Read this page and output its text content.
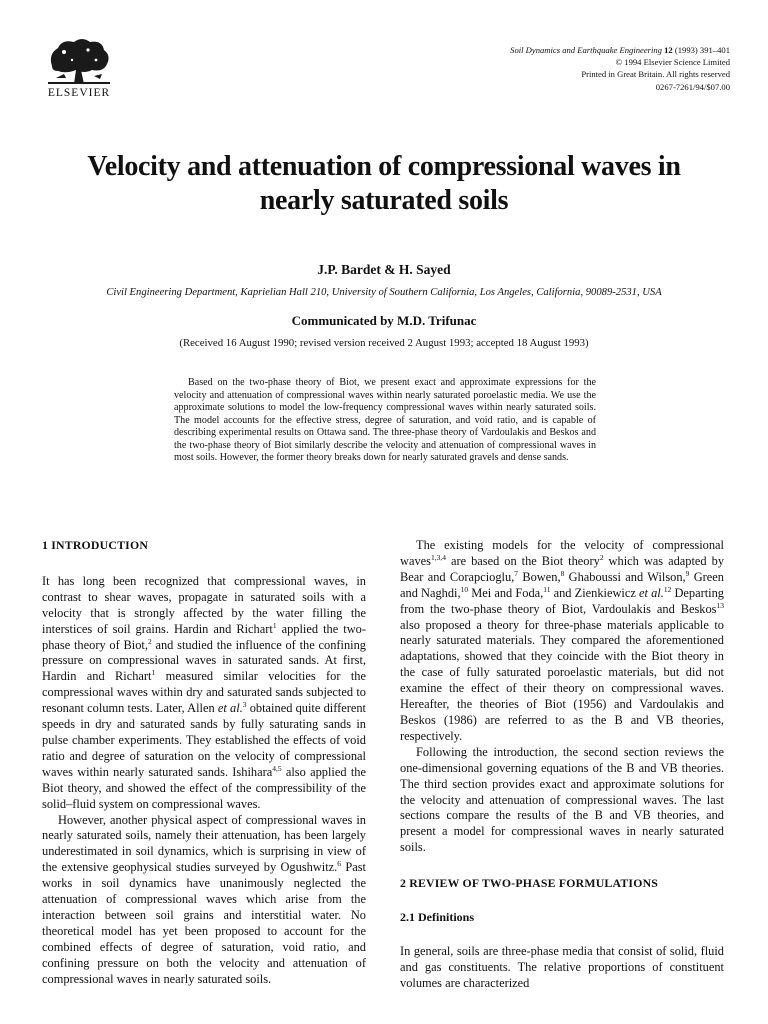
ELSEVIER
Soil Dynamics and Earthquake Engineering 12 (1993) 391–401
© 1994 Elsevier Science Limited
Printed in Great Britain. All rights reserved
0267-7261/94/$07.00
Velocity and attenuation of compressional waves in
nearly saturated soils
J.P. Bardet & H. Sayed
Civil Engineering Department, Kaprielian Hall 210, University of Southern California, Los Angeles, California, 90089-2531, USA
Communicated by M.D. Trifunac
(Received 16 August 1990; revised version received 2 August 1993; accepted 18 August 1993)

Based on the two-phase theory of Biot, we present exact and approximate expressions for the velocity and attenuation of compressional waves within nearly saturated poroelastic media. We use the approximate solutions to model the low-frequency compressional waves within nearly saturated soils. The model accounts for the effective stress, degree of saturation, and void ratio, and is capable of describing experimental results on Ottawa sand. The three-phase theory of Vardoulakis and Beskos and the two-phase theory of Biot similarly describe the velocity and attenuation of compressional waves in most soils. However, the former theory breaks down for nearly saturated gravels and dense sands.

1 INTRODUCTION

It has long been recognized that compressional waves, in contrast to shear waves, propagate in saturated soils with a velocity that is strongly affected by the water filling the interstices of soil grains. Hardin and Richart$^1$ applied the two-phase theory of Biot,$^2$ and studied the influence of the confining pressure on compressional waves in saturated sands. At first, Hardin and Richart$^1$ measured similar velocities for the compressional waves within dry and saturated sands subjected to resonant column tests. Later, Allen et al.$^3$ obtained quite different speeds in dry and saturated sands by fully saturating sands in pulse chamber experiments. They established the effects of void ratio and degree of saturation on the velocity of compressional waves within nearly saturated sands. Ishihara$^{4,5}$ also applied the Biot theory, and showed the effect of the compressibility of the solid–fluid system on compressional waves.

However, another physical aspect of compressional waves in nearly saturated soils, namely their attenuation, has been largely underestimated in soil dynamics, which is surprising in view of the extensive geophysical studies surveyed by Ogushwitz.$^6$ Past works in soil dynamics have unanimously neglected the attenuation of compressional waves which arise from the interaction between soil grains and interstitial water. No theoretical model has yet been proposed to account for the combined effects of degree of saturation, void ratio, and confining pressure on both the velocity and attenuation of compressional waves in nearly saturated soils.

The existing models for the velocity of compressional waves$^{1,3,4}$ are based on the Biot theory$^2$ which was adapted by Bear and Corapcioglu,$^7$ Bowen,$^8$ Ghaboussi and Wilson,$^9$ Green and Naghdi,$^{10}$ Mei and Foda,$^{11}$ and Zienkiewicz et al.$^{12}$ Departing from the two-phase theory of Biot, Vardoulakis and Beskos$^{13}$ also proposed a theory for three-phase materials applicable to nearly saturated materials. They compared the aforementioned adaptations, showed that they coincide with the Biot theory in the case of fully saturated poroelastic materials, but did not examine the effect of their theory on compressional waves. Hereafter, the theories of Biot (1956) and Vardoulakis and Beskos (1986) are referred to as the B and VB theories, respectively.

Following the introduction, the second section reviews the one-dimensional governing equations of the B and VB theories. The third section provides exact and approximate solutions for the velocity and attenuation of compressional waves. The last sections compare the results of the B and VB theories, and present a model for compressional waves in nearly saturated soils.

2 REVIEW OF TWO-PHASE FORMULATIONS
2.1 Definitions

In general, soils are three-phase media that consist of solid, fluid and gas constituents. The relative proportions of constituent volumes are characterized
